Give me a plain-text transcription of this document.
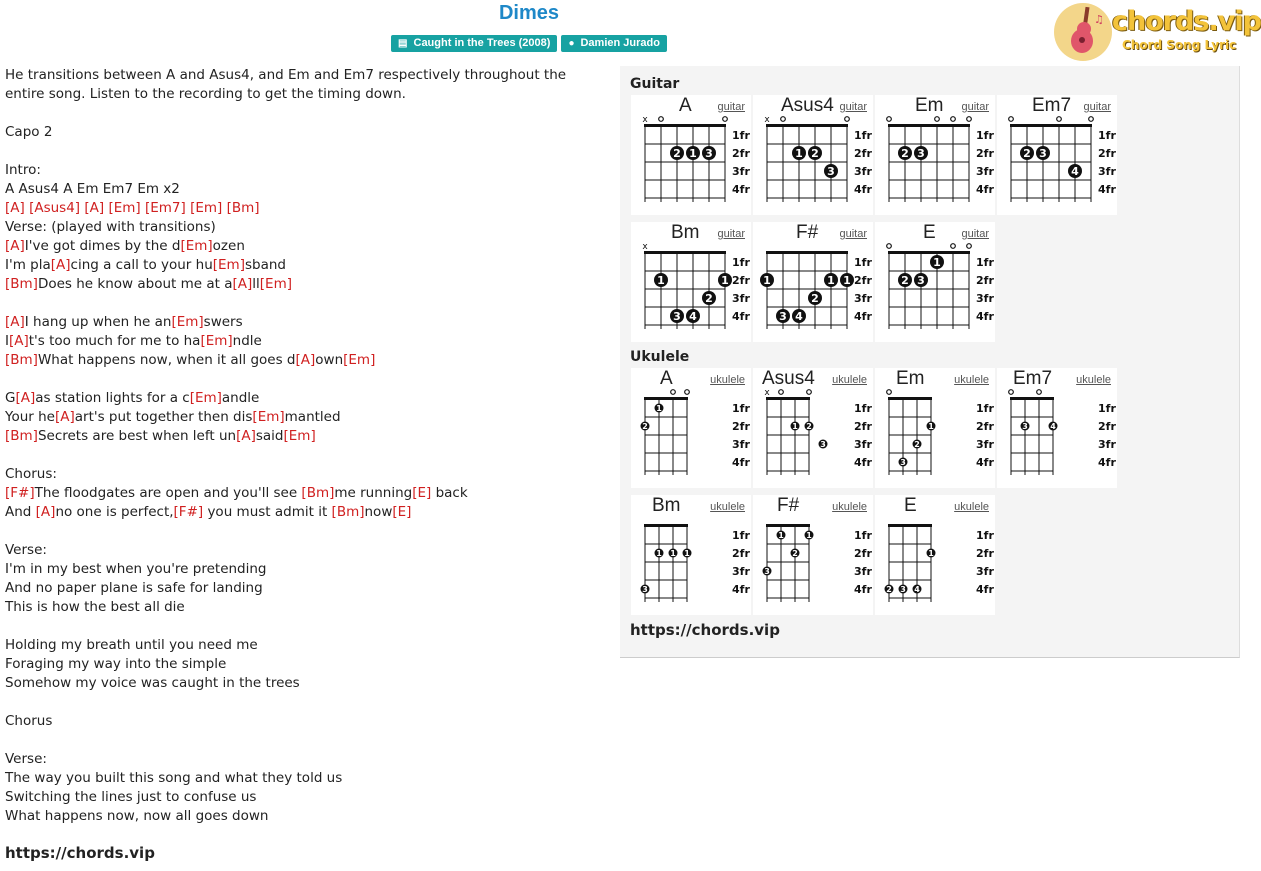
Dimes
▤ Caught in the Trees (2008) ● Damien Jurado
♫ chords.vip
Chord Song Lyric
He transitions between A and Asus4, and Em and Em7 respectively throughout the
entire song. Listen to the recording to get the timing down.
Capo 2
Intro:
A Asus4 A Em Em7 Em x2
[A] [Asus4] [A] [Em] [Em7] [Em] [Bm]
Verse: (played with transitions)
[A]I've got dimes by the d[Em]ozen
I'm pla[A]cing a call to your hu[Em]sband
[Bm]Does he know about me at a[A]ll[Em]
[A]I hang up when he an[Em]swers
I[A]t's too much for me to ha[Em]ndle
[Bm]What happens now, when it all goes d[A]own[Em]
G[A]as station lights for a c[Em]andle
Your he[A]art's put together then dis[Em]mantled
[Bm]Secrets are best when left un[A]said[Em]
Chorus:
[F#]The floodgates are open and you'll see [Bm]me running[E] back
And [A]no one is perfect,[F#] you must admit it [Bm]now[E]
Verse:
I'm in my best when you're pretending
And no paper plane is safe for landing
This is how the best all die
Holding my breath until you need me
Foraging my way into the simple
Somehow my voice was caught in the trees
Chorus
Verse:
The way you built this song and what they told us
Switching the lines just to confuse us
What happens now, now all goes down
https://chords.vip
Guitar
Ukulele
x
2 1 3
1fr
2fr
3fr
4fr
A guitar
x
1 2
3
1fr
2fr
3fr
4fr
Asus4 guitar
2 3
1fr
2fr
3fr
4fr
Em guitar
2 3
4
1fr
2fr
3fr
4fr
Em7 guitar
x
1	1
2
3 4
1fr
2fr
3fr
4fr
Bm guitar
1	1 1
2
3 4
1fr
2fr
3fr
4fr
F# guitar
1
2 3
1fr
2fr
3fr
4fr
E guitar
1
2
1fr
2fr
3fr
4fr
A	ukulele
x
1 2
3
1fr
2fr
3fr
4fr
Asus4 ukulele
1
2
3
1fr
2fr
3fr
4fr
Em	ukulele
3	4
1fr
2fr
3fr
4fr
Em7 ukulele
1 1 1
3
1fr
2fr
3fr
4fr
Bm	ukulele
1	1
2
3
1fr
2fr
3fr
4fr
F#	ukulele
1
2 3 4
1fr
2fr
3fr
4fr
E	ukulele
https://chords.vip
